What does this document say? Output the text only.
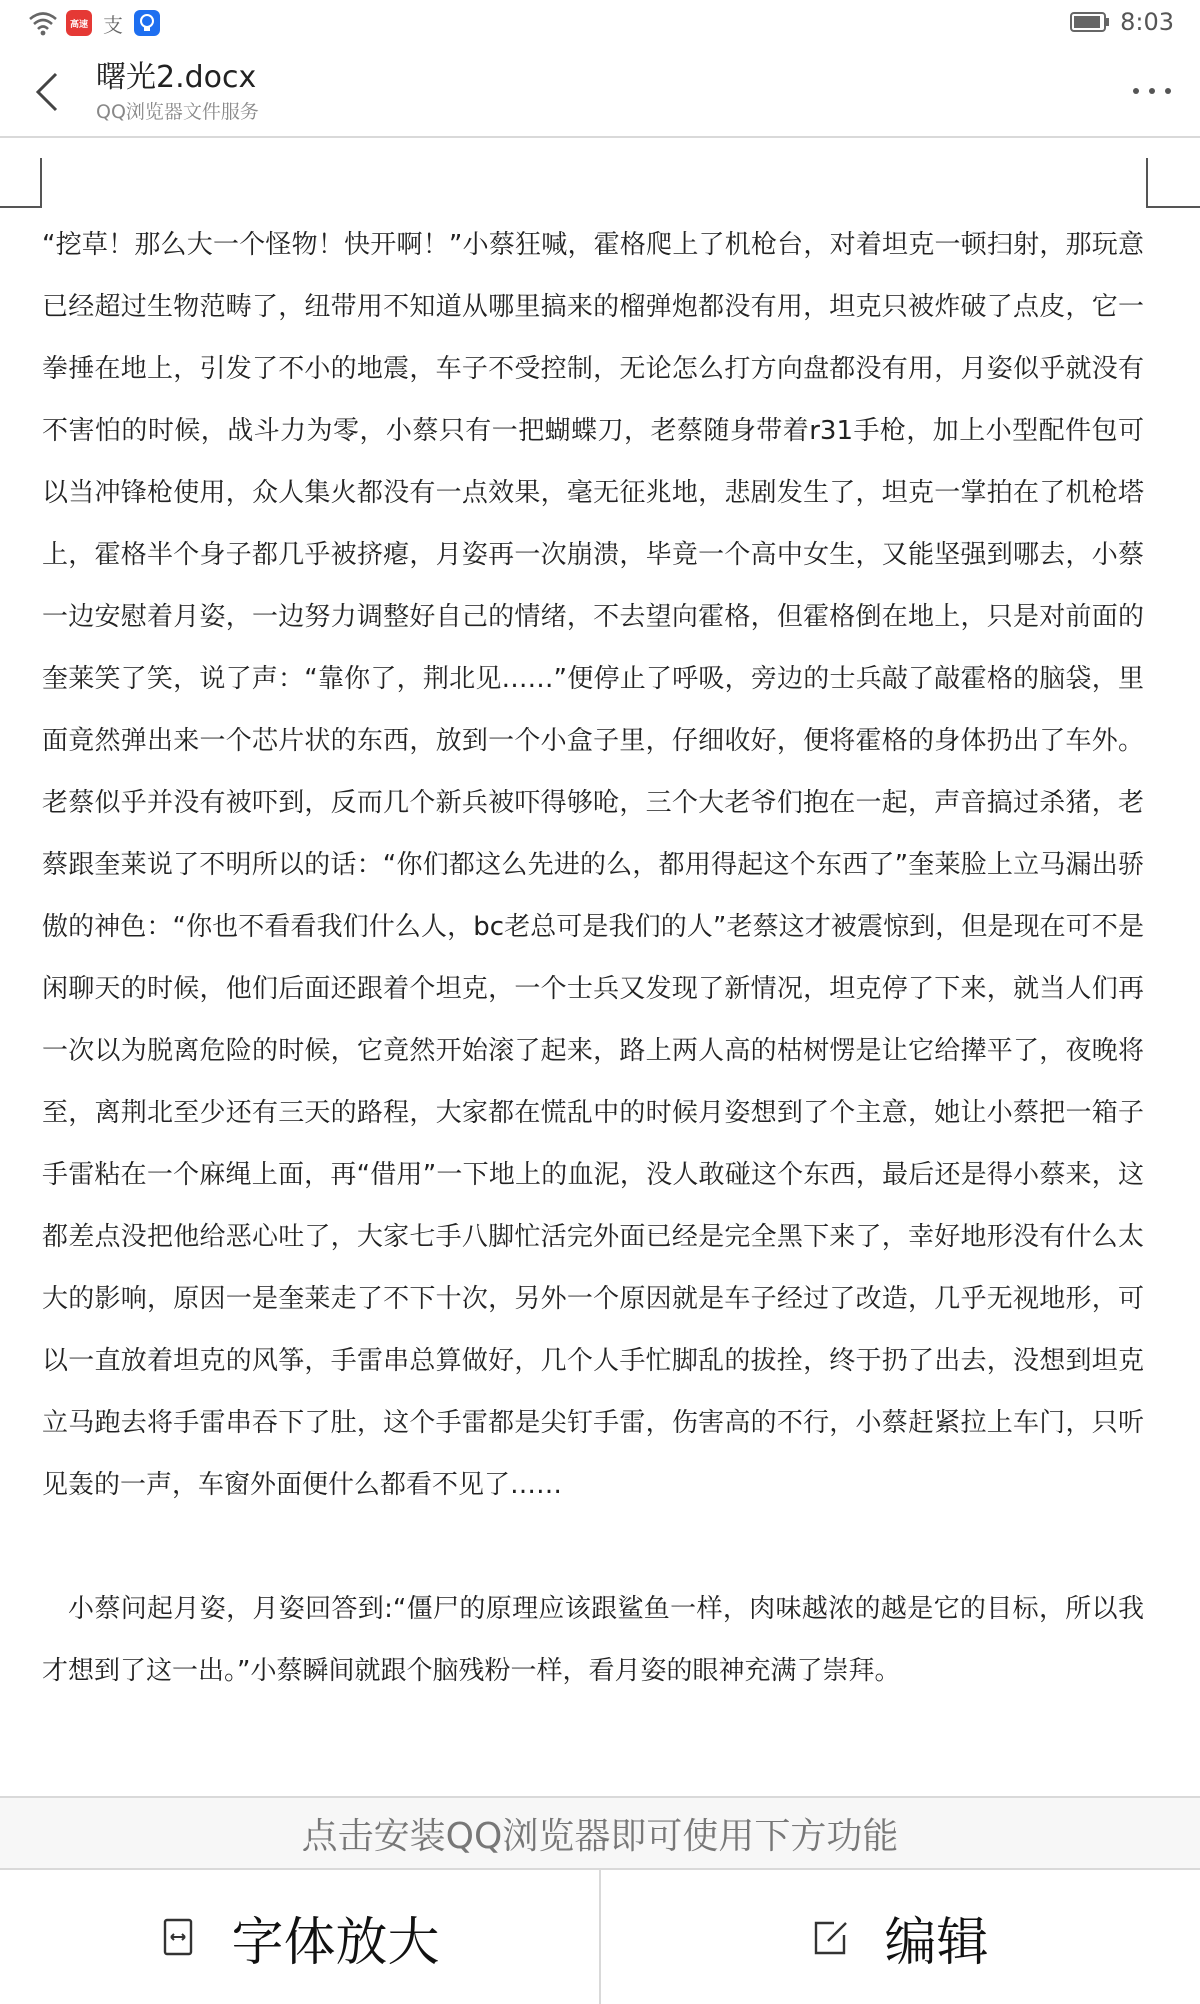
高速 支	8:03
曙光2.docx
QQ浏览器文件服务

“挖草！那么大一个怪物！快开啊！”小蔡狂喊，霍格爬上了机枪台，对着坦克一顿扫射，那玩意已经超过生物范畴了，纽带用不知道从哪里搞来的榴弹炮都没有用，坦克只被炸破了点皮，它一拳捶在地上，引发了不小的地震，车子不受控制，无论怎么打方向盘都没有用，月姿似乎就没有不害怕的时候，战斗力为零，小蔡只有一把蝴蝶刀，老蔡随身带着r31手枪，加上小型配件包可以当冲锋枪使用，众人集火都没有一点效果，毫无征兆地，悲剧发生了，坦克一掌拍在了机枪塔上，霍格半个身子都几乎被挤瘪，月姿再一次崩溃，毕竟一个高中女生，又能坚强到哪去，小蔡一边安慰着月姿，一边努力调整好自己的情绪，不去望向霍格，但霍格倒在地上，只是对前面的奎莱笑了笑，说了声：“靠你了，荆北见……”便停止了呼吸，旁边的士兵敲了敲霍格的脑袋，里面竟然弹出来一个芯片状的东西，放到一个小盒子里，仔细收好，便将霍格的身体扔出了车外。老蔡似乎并没有被吓到，反而几个新兵被吓得够呛，三个大老爷们抱在一起，声音搞过杀猪，老蔡跟奎莱说了不明所以的话：“你们都这么先进的么，都用得起这个东西了”奎莱脸上立马漏出骄傲的神色：“你也不看看我们什么人，bc老总可是我们的人”老蔡这才被震惊到，但是现在可不是闲聊天的时候，他们后面还跟着个坦克，一个士兵又发现了新情况，坦克停了下来，就当人们再一次以为脱离危险的时候，它竟然开始滚了起来，路上两人高的枯树愣是让它给撵平了，夜晚将至，离荆北至少还有三天的路程，大家都在慌乱中的时候月姿想到了个主意，她让小蔡把一箱子手雷粘在一个麻绳上面，再“借用”一下地上的血泥，没人敢碰这个东西，最后还是得小蔡来，这都差点没把他给恶心吐了，大家七手八脚忙活完外面已经是完全黑下来了，幸好地形没有什么太大的影响，原因一是奎莱走了不下十次，另外一个原因就是车子经过了改造，几乎无视地形，可以一直放着坦克的风筝，手雷串总算做好，几个人手忙脚乱的拔拴，终于扔了出去，没想到坦克立马跑去将手雷串吞下了肚，这个手雷都是尖钉手雷，伤害高的不行，小蔡赶紧拉上车门，只听见轰的一声，车窗外面便什么都看不见了……

小蔡问起月姿，月姿回答到:“僵尸的原理应该跟鲨鱼一样，肉味越浓的越是它的目标，所以我才想到了这一出。”小蔡瞬间就跟个脑残粉一样，看月姿的眼神充满了崇拜。

点击安装QQ浏览器即可使用下方功能
字体放大	编辑
